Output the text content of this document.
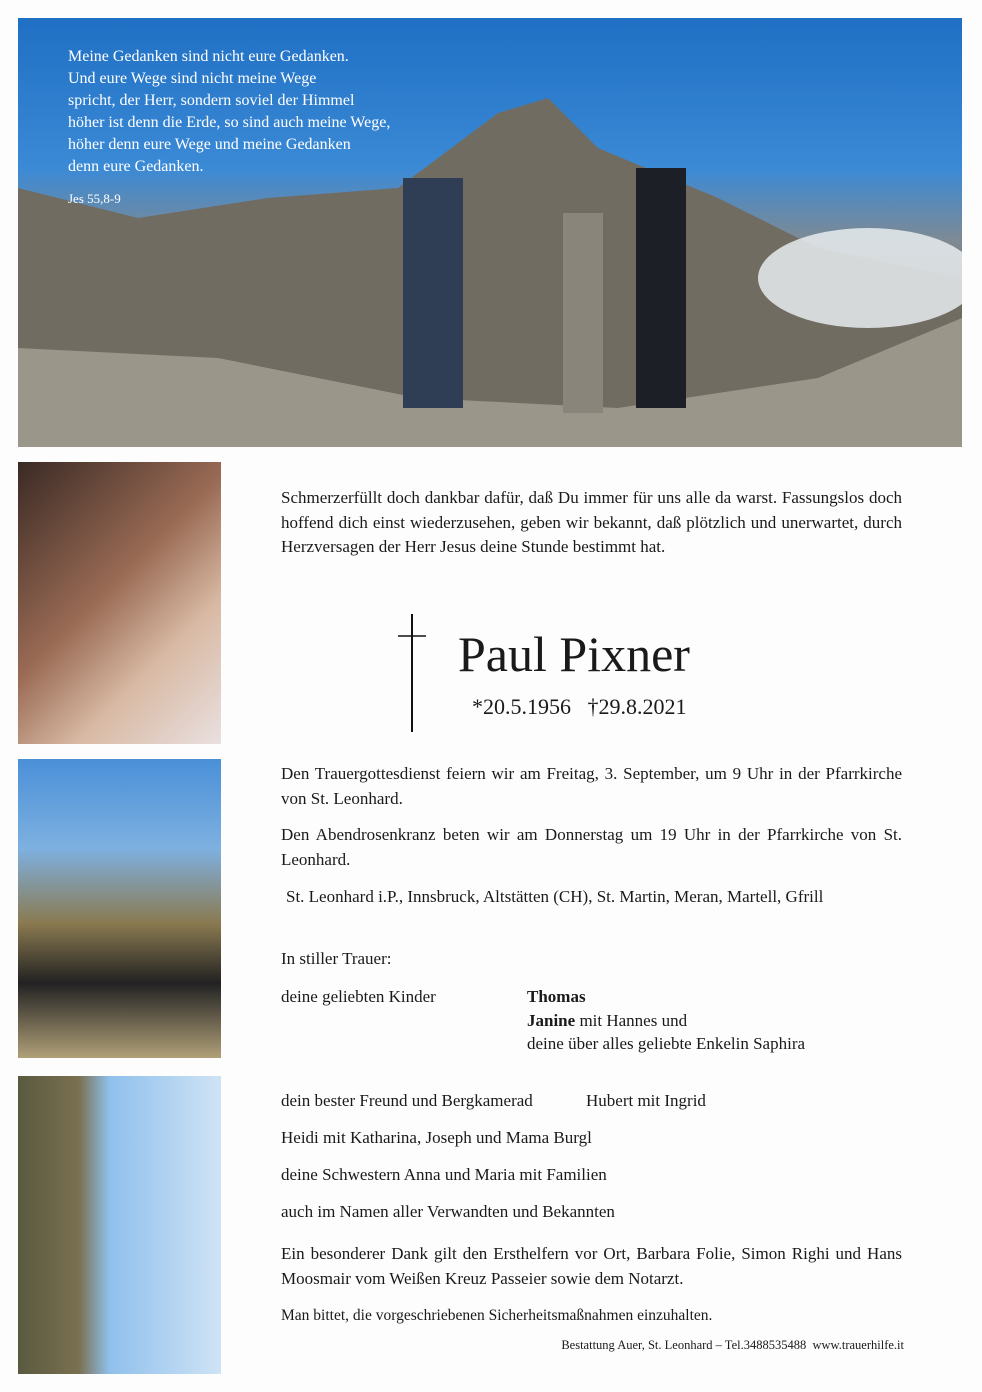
Meine Gedanken sind nicht eure Gedanken.
Und eure Wege sind nicht meine Wege
spricht, der Herr, sondern soviel der Himmel
höher ist denn die Erde, so sind auch meine Wege,
höher denn eure Wege und meine Gedanken
denn eure Gedanken.
Jes 55,8-9
Schmerzerfüllt doch dankbar dafür, daß Du immer für uns alle da warst. Fassungslos doch hoffend dich einst wiederzusehen, geben wir bekannt, daß plötzlich und unerwartet, durch Herzversagen der Herr Jesus deine Stunde bestimmt hat.
Paul Pixner
*20.5.1956 †29.8.2021
Den Trauergottesdienst feiern wir am Freitag, 3. September, um 9 Uhr in der Pfarrkirche von St. Leonhard.
Den Abendrosenkranz beten wir am Donnerstag um 19 Uhr in der Pfarrkirche von St. Leonhard.
St. Leonhard i.P., Innsbruck, Altstätten (CH), St. Martin, Meran, Martell, Gfrill
In stiller Trauer:
deine geliebten Kinder	Thomas
Janine mit Hannes und
deine über alles geliebte Enkelin Saphira
dein bester Freund und Bergkamerad	Hubert mit Ingrid
Heidi mit Katharina, Joseph und Mama Burgl
deine Schwestern Anna und Maria mit Familien
auch im Namen aller Verwandten und Bekannten
Ein besonderer Dank gilt den Ersthelfern vor Ort, Barbara Folie, Simon Righi und Hans Moosmair vom Weißen Kreuz Passeier sowie dem Notarzt.
Man bittet, die vorgeschriebenen Sicherheitsmaßnahmen einzuhalten.
Bestattung Auer, St. Leonhard – Tel.3488535488  www.trauerhilfe.it
